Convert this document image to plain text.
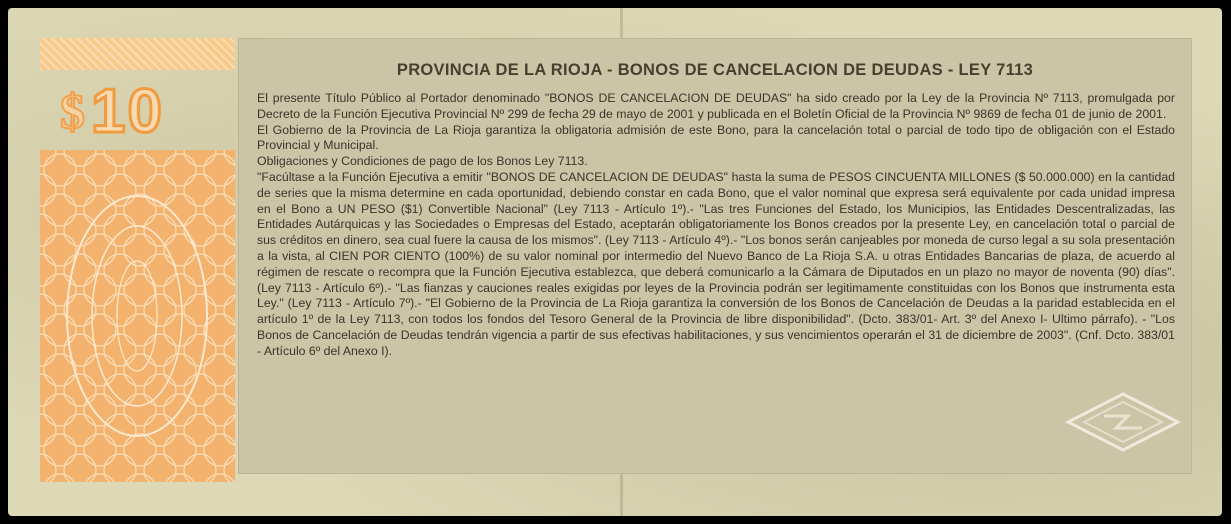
$ 10
PROVINCIA DE LA RIOJA - BONOS DE CANCELACION DE DEUDAS - LEY 7113

El presente Título Público al Portador denominado "BONOS DE CANCELACION DE DEUDAS" ha sido creado por la Ley de la Provincia Nº 7113, promulgada por Decreto de la Función Ejecutiva Provincial Nº 299 de fecha 29 de mayo de 2001 y publicada en el Boletín Oficial de la Provincia Nº 9869 de fecha 01 de junio de 2001.

El Gobierno de la Provincia de La Rioja garantiza la obligatoria admisión de este Bono, para la cancelación total o parcial de todo tipo de obligación con el Estado Provincial y Municipal.

Obligaciones y Condiciones de pago de los Bonos Ley 7113.

"Facúltase a la Función Ejecutiva a emitir "BONOS DE CANCELACION DE DEUDAS" hasta la suma de PESOS CINCUENTA MILLONES ($ 50.000.000) en la cantidad de series que la misma determine en cada oportunidad, debiendo constar en cada Bono, que el valor nominal que expresa será equivalente por cada unidad impresa en el Bono a UN PESO ($1) Convertible Nacional" (Ley 7113 - Artículo 1º).- "Las tres Funciones del Estado, los Municipios, las Entidades Descentralizadas, las Entidades Autárquicas y las Sociedades o Empresas del Estado, aceptarán obligatoriamente los Bonos creados por la presente Ley, en cancelación total o parcial de sus créditos en dinero, sea cual fuere la causa de los mismos". (Ley 7113 - Artículo 4º).- "Los bonos serán canjeables por moneda de curso legal a su sola presentación a la vista, al CIEN POR CIENTO (100%) de su valor nominal por intermedio del Nuevo Banco de La Rioja S.A. u otras Entidades Bancarias de plaza, de acuerdo al régimen de rescate o recompra que la Función Ejecutiva establezca, que deberá comunicarlo a la Cámara de Diputados en un plazo no mayor de noventa (90) días". (Ley 7113 - Artículo 6º).- "Las fianzas y cauciones reales exigidas por leyes de la Provincia podrán ser legitimamente constituidas con los Bonos que instrumenta esta Ley." (Ley 7113 - Artículo 7º).- "El Gobierno de la Provincia de La Rioja garantiza la conversión de los Bonos de Cancelación de Deudas a la paridad establecida en el artículo 1º de la Ley 7113, con todos los fondos del Tesoro General de la Provincia de libre disponibilidad". (Dcto. 383/01- Art. 3º del Anexo I- Ultimo párrafo). - "Los Bonos de Cancelación de Deudas tendrán vigencia a partir de sus efectivas habilitaciones, y sus vencimientos operarán el 31 de diciembre de 2003". (Cnf. Dcto. 383/01 - Artículo 6º del Anexo I).
